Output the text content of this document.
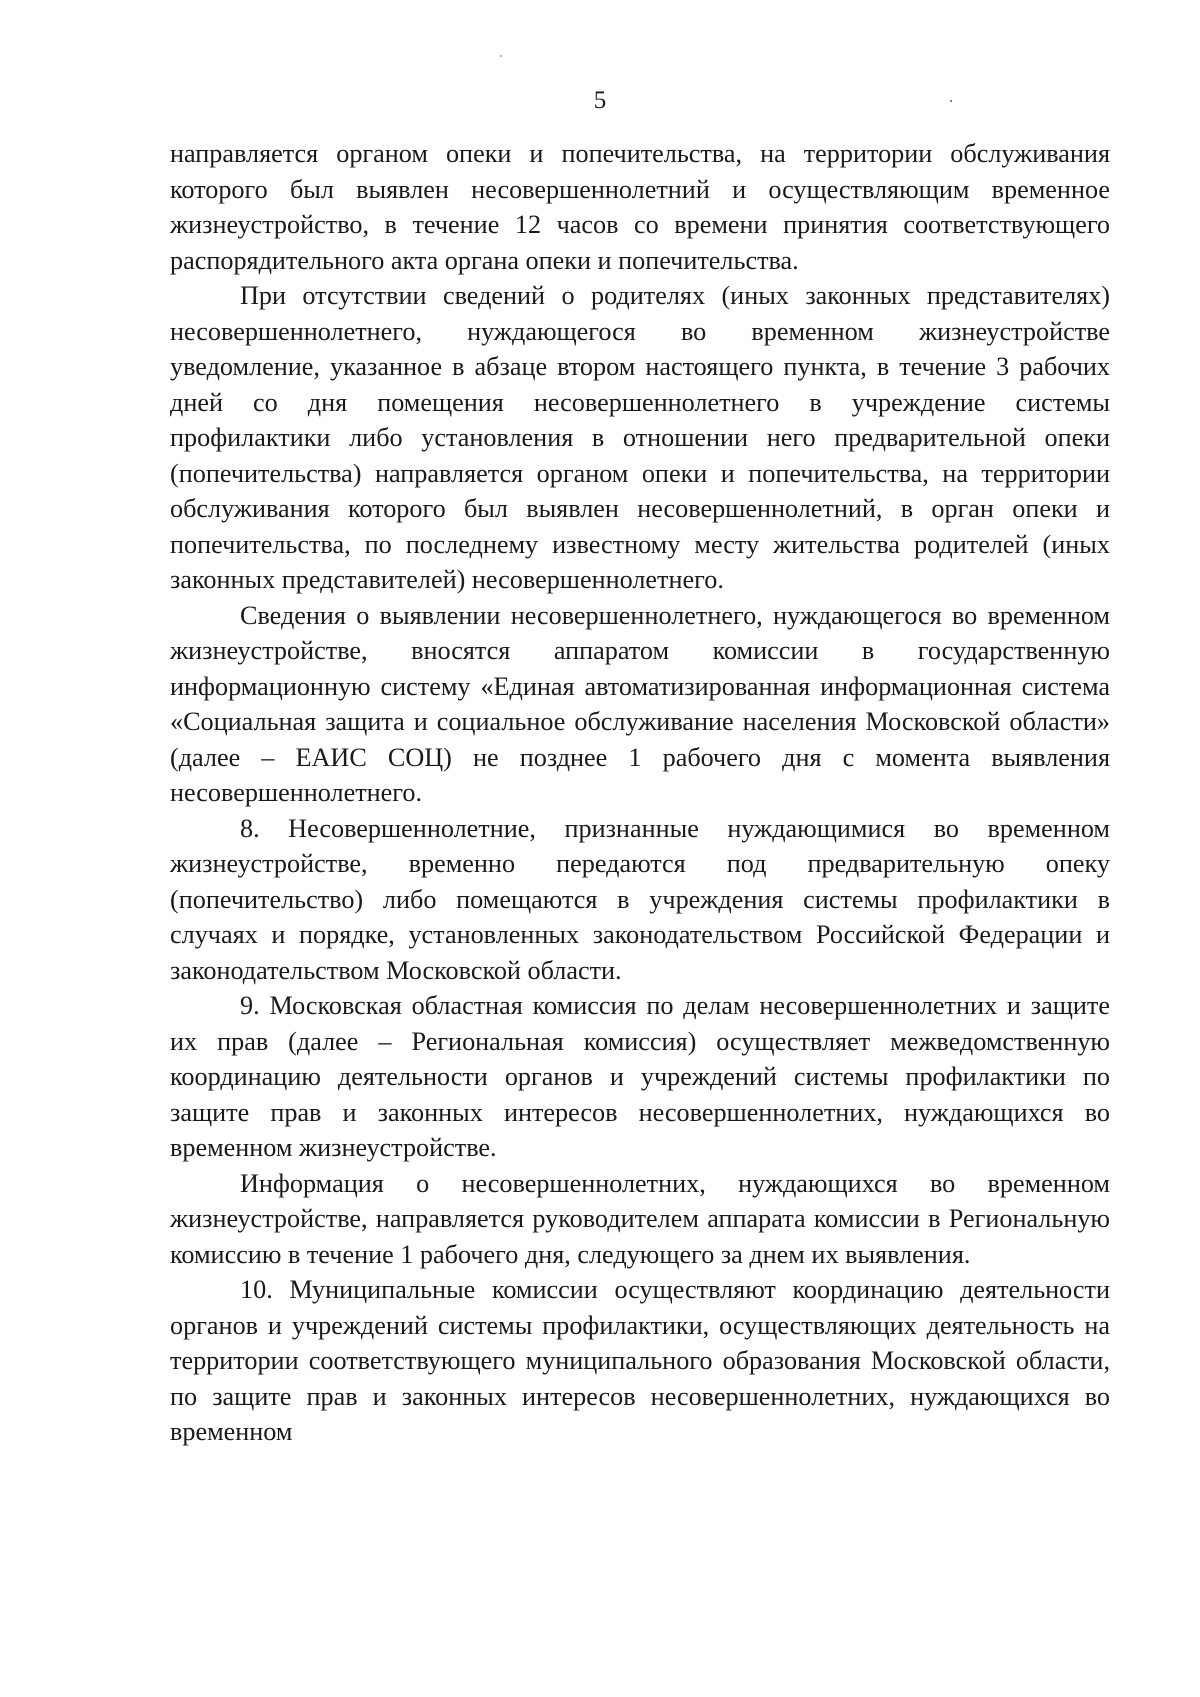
5

направляется органом опеки и попечительства, на территории обслуживания которого был выявлен несовершеннолетний и осуществляющим временное жизнеустройство, в течение 12 часов со времени принятия соответствующего распорядительного акта органа опеки и попечительства.

При отсутствии сведений о родителях (иных законных представителях) несовершеннолетнего, нуждающегося во временном жизнеустройстве уведомление, указанное в абзаце втором настоящего пункта, в течение 3 рабочих дней со дня помещения несовершеннолетнего в учреждение системы профилактики либо установления в отношении него предварительной опеки (попечительства) направляется органом опеки и попечительства, на территории обслуживания которого был выявлен несовершеннолетний, в орган опеки и попечительства, по последнему известному месту жительства родителей (иных законных представителей) несовершеннолетнего.

Сведения о выявлении несовершеннолетнего, нуждающегося во временном жизнеустройстве, вносятся аппаратом комиссии в государственную информационную систему «Единая автоматизированная информационная система «Социальная защита и социальное обслуживание населения Московской области» (далее – ЕАИС СОЦ) не позднее 1 рабочего дня с момента выявления несовершеннолетнего.

8. Несовершеннолетние, признанные нуждающимися во временном жизнеустройстве, временно передаются под предварительную опеку (попечительство) либо помещаются в учреждения системы профилактики в случаях и порядке, установленных законодательством Российской Федерации и законодательством Московской области.

9. Московская областная комиссия по делам несовершеннолетних и защите их прав (далее – Региональная комиссия) осуществляет межведомственную координацию деятельности органов и учреждений системы профилактики по защите прав и законных интересов несовершеннолетних, нуждающихся во временном жизнеустройстве.

Информация о несовершеннолетних, нуждающихся во временном жизнеустройстве, направляется руководителем аппарата комиссии в Региональную комиссию в течение 1 рабочего дня, следующего за днем их выявления.

10. Муниципальные комиссии осуществляют координацию деятельности органов и учреждений системы профилактики, осуществляющих деятельность на территории соответствующего муниципального образования Московской области, по защите прав и законных интересов несовершеннолетних, нуждающихся во временном
